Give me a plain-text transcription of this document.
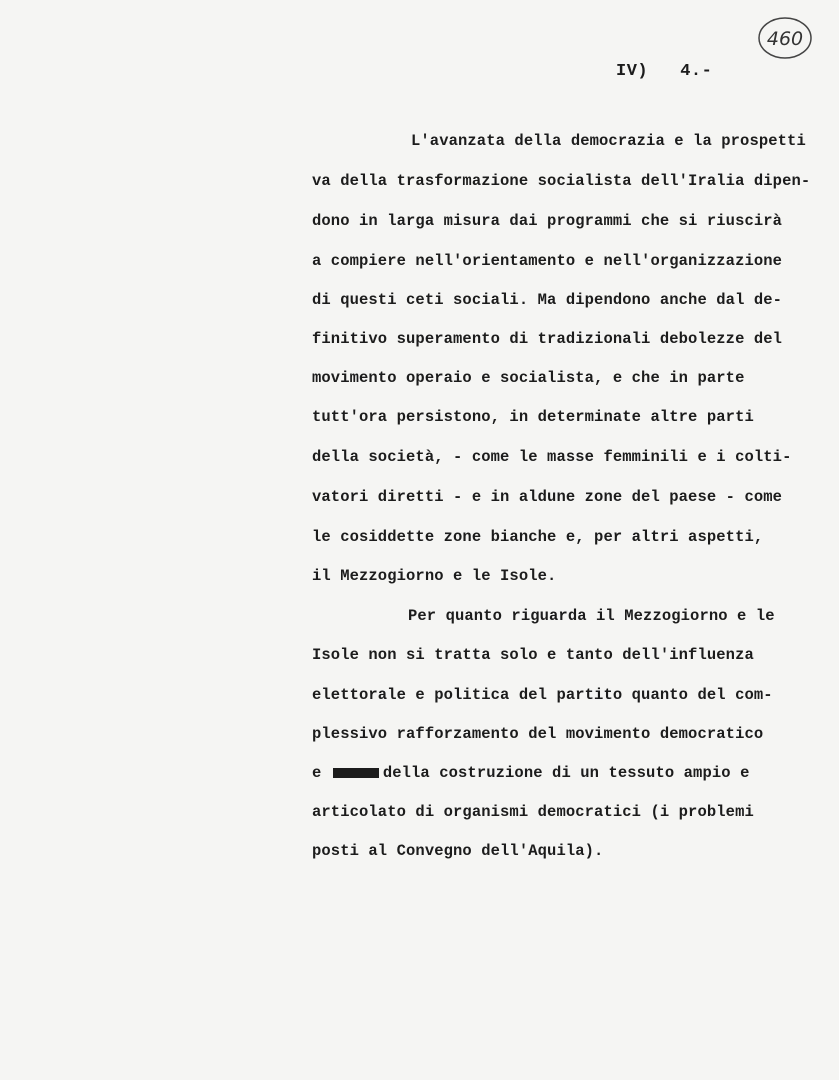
460
IV) 4.-
L'avanzata della democrazia e la prospetti
va della trasformazione socialista dell'Iralia dipen-
dono in larga misura dai programmi che si riuscirà
a compiere nell'orientamento e nell'organizzazione
di questi ceti sociali. Ma dipendono anche dal de-
finitivo superamento di tradizionali debolezze del
movimento operaio e socialista, e che in parte
tutt'ora persistono, in determinate altre parti
della società, - come le masse femminili e i colti-
vatori diretti - e in aldune zone del paese - come
le cosiddette zone bianche e, per altri aspetti,
il Mezzogiorno e le Isole.
Per quanto riguarda il Mezzogiorno e le
Isole non si tratta solo e tanto dell'influenza
elettorale e politica del partito quanto del com-
plessivo rafforzamento del movimento democratico
e	della costruzione di un tessuto ampio e
articolato di organismi democratici (i problemi
posti al Convegno dell'Aquila).
